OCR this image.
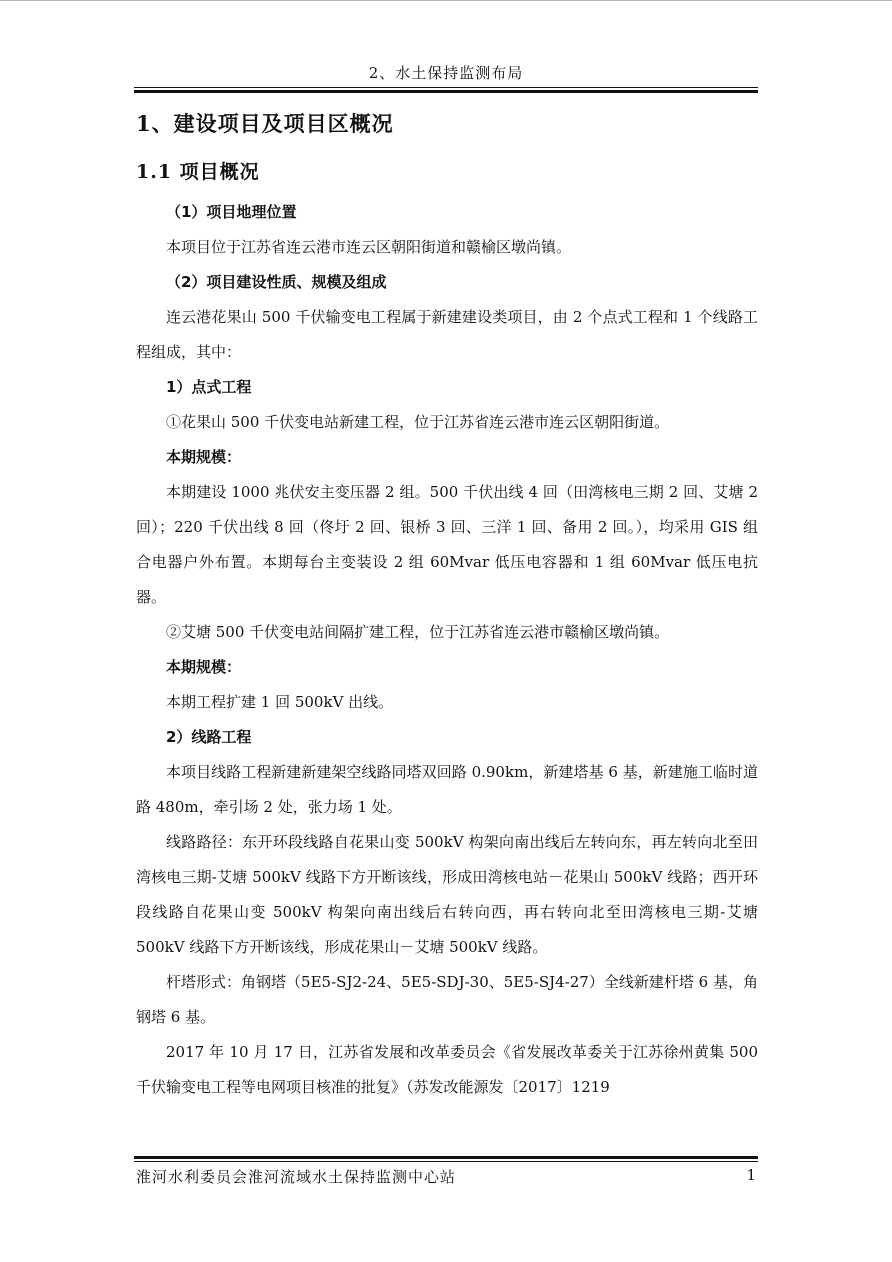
2、水土保持监测布局
1、建设项目及项目区概况
1.1 项目概况

（1）项目地理位置

本项目位于江苏省连云港市连云区朝阳街道和赣榆区墩尚镇。

（2）项目建设性质、规模及组成

连云港花果山 500 千伏输变电工程属于新建建设类项目，由 2 个点式工程和 1 个线路工程组成，其中：

1）点式工程

①花果山 500 千伏变电站新建工程，位于江苏省连云港市连云区朝阳街道。

本期规模：

本期建设 1000 兆伏安主变压器 2 组。500 千伏出线 4 回（田湾核电三期 2 回、艾塘 2 回）；220 千伏出线 8 回（佟圩 2 回、银桥 3 回、三洋 1 回、备用 2 回。），均采用 GIS 组合电器户外布置。本期每台主变装设 2 组 60Mvar 低压电容器和 1 组 60Mvar 低压电抗器。

②艾塘 500 千伏变电站间隔扩建工程，位于江苏省连云港市赣榆区墩尚镇。

本期规模：

本期工程扩建 1 回 500kV 出线。

2）线路工程

本项目线路工程新建新建架空线路同塔双回路 0.90km，新建塔基 6 基，新建施工临时道路 480m，牵引场 2 处，张力场 1 处。

线路路径：东开环段线路自花果山变 500kV 构架向南出线后左转向东，再左转向北至田湾核电三期-艾塘 500kV 线路下方开断该线，形成田湾核电站－花果山 500kV 线路；西开环段线路自花果山变 500kV 构架向南出线后右转向西，再右转向北至田湾核电三期-艾塘 500kV 线路下方开断该线，形成花果山－艾塘 500kV 线路。

杆塔形式：角钢塔（5E5-SJ2-24、5E5-SDJ-30、5E5-SJ4-27）全线新建杆塔 6 基，角钢塔 6 基。

2017 年 10 月 17 日，江苏省发展和改革委员会《省发展改革委关于江苏徐州黄集 500 千伏输变电工程等电网项目核准的批复》（苏发改能源发〔2017〕1219

淮河水利委员会淮河流域水土保持监测中心站	1
